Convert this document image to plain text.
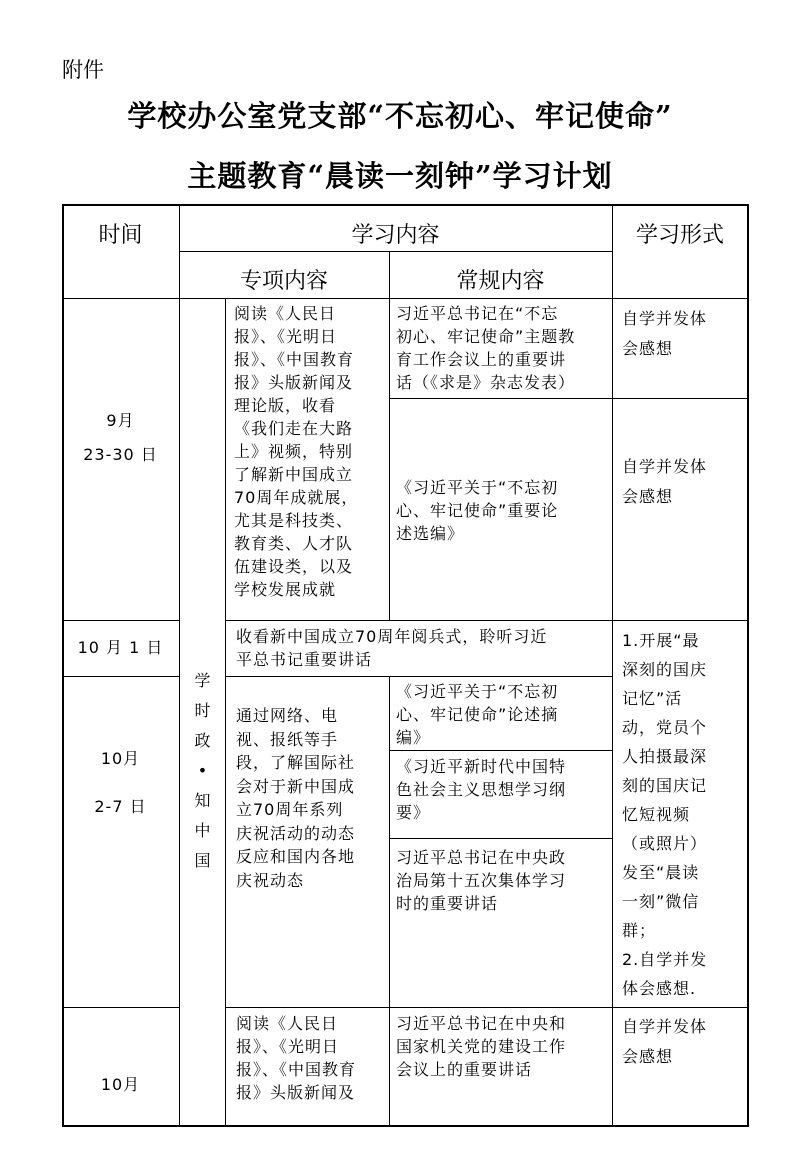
附件
学校办公室党支部“不忘初心、牢记使命”
主题教育“晨读一刻钟”学习计划
时间	学习内容
专项内容	常规内容
学习形式
学
时
政
•
知
中
国
9月
23-30 日
阅读《人民日
报》、《光明日
报》、《中国教育
报》头版新闻及
理论版，收看
《我们走在大路
上》视频，特别
了解新中国成立
70周年成就展，
尤其是科技类、
教育类、人才队
伍建设类，以及
学校发展成就
习近平总书记在“不忘
初心、牢记使命”主题教
育工作会议上的重要讲
话（《求是》杂志发表）
自学并发体
会感想
《习近平关于“不忘初
心、牢记使命”重要论
述选编》
自学并发体
会感想
10 月 1 日
收看新中国成立70周年阅兵式，聆听习近
平总书记重要讲话
10月
2-7 日
通过网络、电
视、报纸等手
段，了解国际社
会对于新中国成
立70周年系列
庆祝活动的动态
反应和国内各地
庆祝动态
《习近平关于“不忘初
心、牢记使命”论述摘
编》
《习近平新时代中国特
色社会主义思想学习纲
要》
习近平总书记在中央政
治局第十五次集体学习
时的重要讲话
1.开展“最
深刻的国庆
记忆”活
动，党员个
人拍摄最深
刻的国庆记
忆短视频
（或照片）
发至“晨读
一刻”微信
群；
2.自学并发
体会感想.
10月
阅读《人民日
报》、《光明日
报》、《中国教育
报》头版新闻及
习近平总书记在中央和
国家机关党的建设工作
会议上的重要讲话
自学并发体
会感想
